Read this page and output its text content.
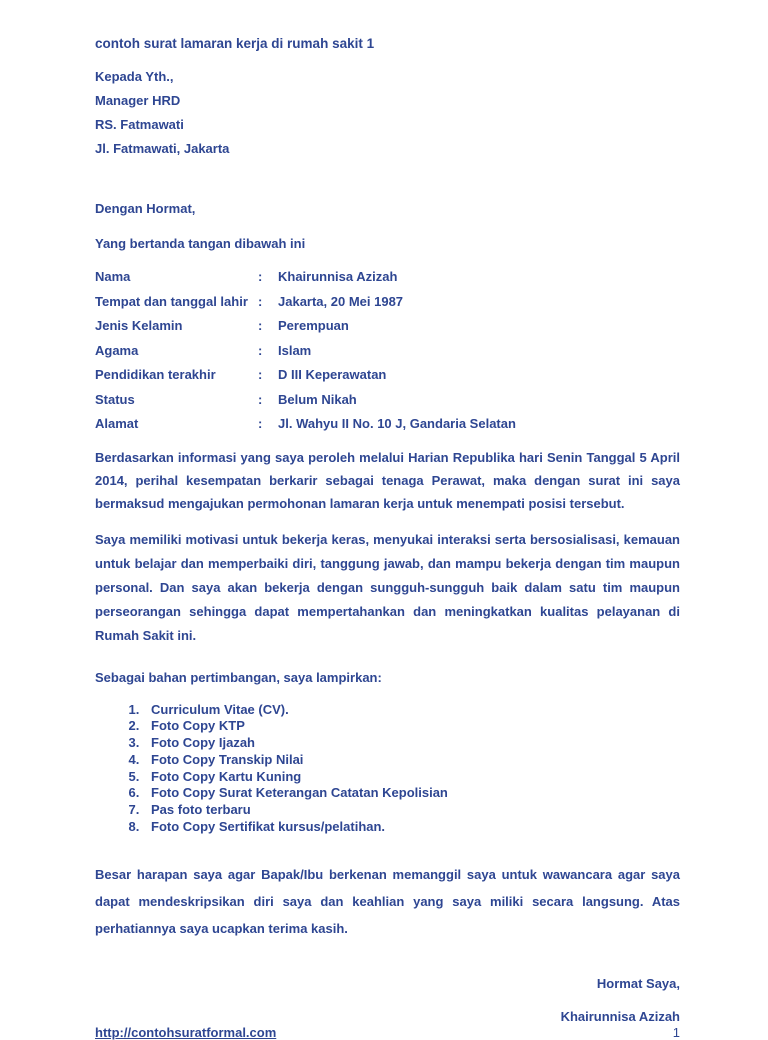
contoh surat lamaran kerja di rumah sakit 1
Kepada Yth.,
Manager HRD
RS. Fatmawati
Jl. Fatmawati, Jakarta
Dengan Hormat,
Yang bertanda tangan dibawah ini
Nama	:	Khairunnisa Azizah
Tempat dan tanggal lahir :	Jakarta, 20 Mei 1987
Jenis Kelamin	:	Perempuan
Agama	:	Islam
Pendidikan terakhir	:	D III Keperawatan
Status	:	Belum Nikah
Alamat	:	Jl. Wahyu II No. 10 J, Gandaria Selatan
Berdasarkan informasi yang saya peroleh melalui Harian Republika hari Senin Tanggal 5 April 2014, perihal kesempatan berkarir sebagai tenaga Perawat, maka dengan surat ini saya bermaksud mengajukan permohonan lamaran kerja untuk menempati posisi tersebut.
Saya memiliki motivasi untuk bekerja keras, menyukai interaksi serta bersosialisasi, kemauan untuk belajar dan memperbaiki diri, tanggung jawab, dan mampu bekerja dengan tim maupun personal. Dan saya akan bekerja dengan sungguh-sungguh baik dalam satu tim maupun perseorangan sehingga dapat mempertahankan dan meningkatkan kualitas pelayanan di Rumah Sakit ini.
Sebagai bahan pertimbangan, saya lampirkan:
1. Curriculum Vitae (CV).
2. Foto Copy KTP
3. Foto Copy Ijazah
4. Foto Copy Transkip Nilai
5. Foto Copy Kartu Kuning
6. Foto Copy Surat Keterangan Catatan Kepolisian
7. Pas foto terbaru
8. Foto Copy Sertifikat kursus/pelatihan.
Besar harapan saya agar Bapak/Ibu berkenan memanggil saya untuk wawancara agar saya dapat mendeskripsikan diri saya dan keahlian yang saya miliki secara langsung. Atas perhatiannya saya ucapkan terima kasih.
Hormat Saya,
Khairunnisa Azizah
http://contohsuratformal.com	1
